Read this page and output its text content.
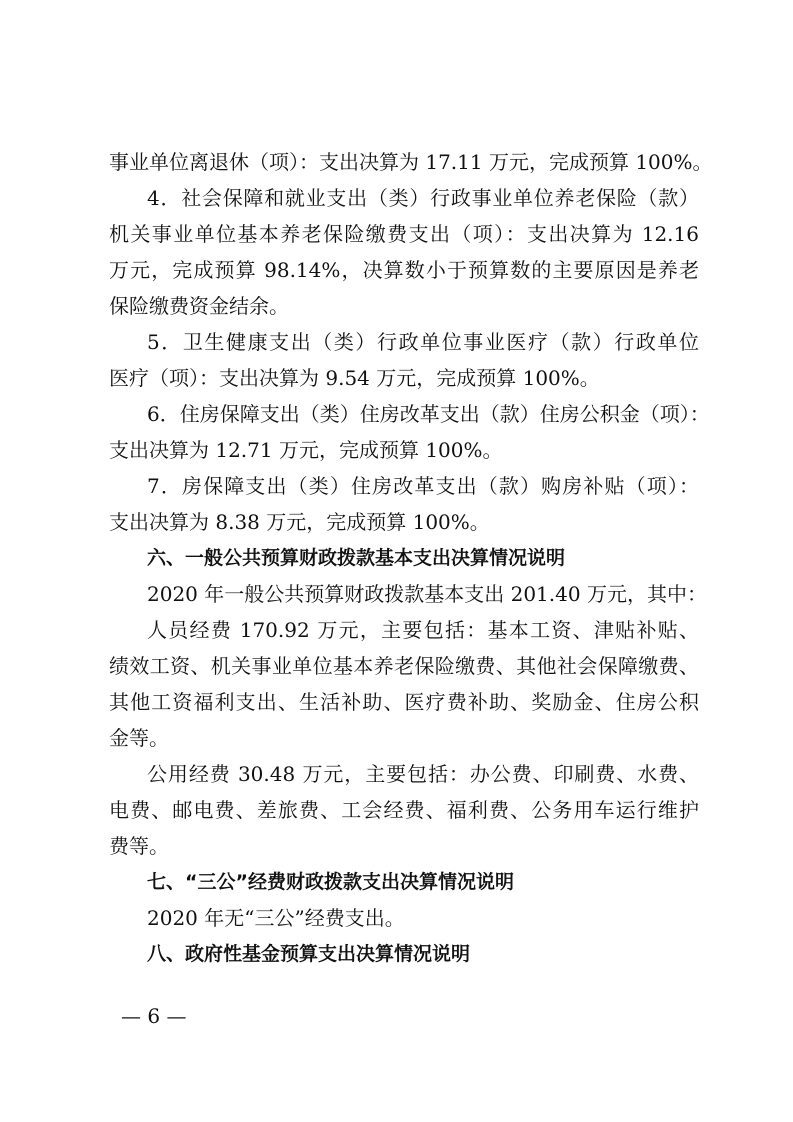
事业单位离退休（项）：支出决算为 17.11 万元，完成预算 100%。

4．社会保障和就业支出（类）行政事业单位养老保险（款）

机关事业单位基本养老保险缴费支出（项）：支出决算为 12.16

万元，完成预算 98.14%，决算数小于预算数的主要原因是养老

保险缴费资金结余。

5．卫生健康支出（类）行政单位事业医疗（款）行政单位

医疗（项）：支出决算为 9.54 万元，完成预算 100%。

6．住房保障支出（类）住房改革支出（款）住房公积金（项）：

支出决算为 12.71 万元，完成预算 100%。

7．房保障支出（类）住房改革支出（款）购房补贴（项）：

支出决算为 8.38 万元，完成预算 100%。

六、一般公共预算财政拨款基本支出决算情况说明

2020 年一般公共预算财政拨款基本支出 201.40 万元，其中：

人员经费 170.92 万元，主要包括：基本工资、津贴补贴、

绩效工资、机关事业单位基本养老保险缴费、其他社会保障缴费、

其他工资福利支出、生活补助、医疗费补助、奖励金、住房公积

金等。

公用经费 30.48 万元，主要包括：办公费、印刷费、水费、

电费、邮电费、差旅费、工会经费、福利费、公务用车运行维护

费等。

七、“三公”经费财政拨款支出决算情况说明

2020 年无“三公”经费支出。

八、政府性基金预算支出决算情况说明

— 6 —
